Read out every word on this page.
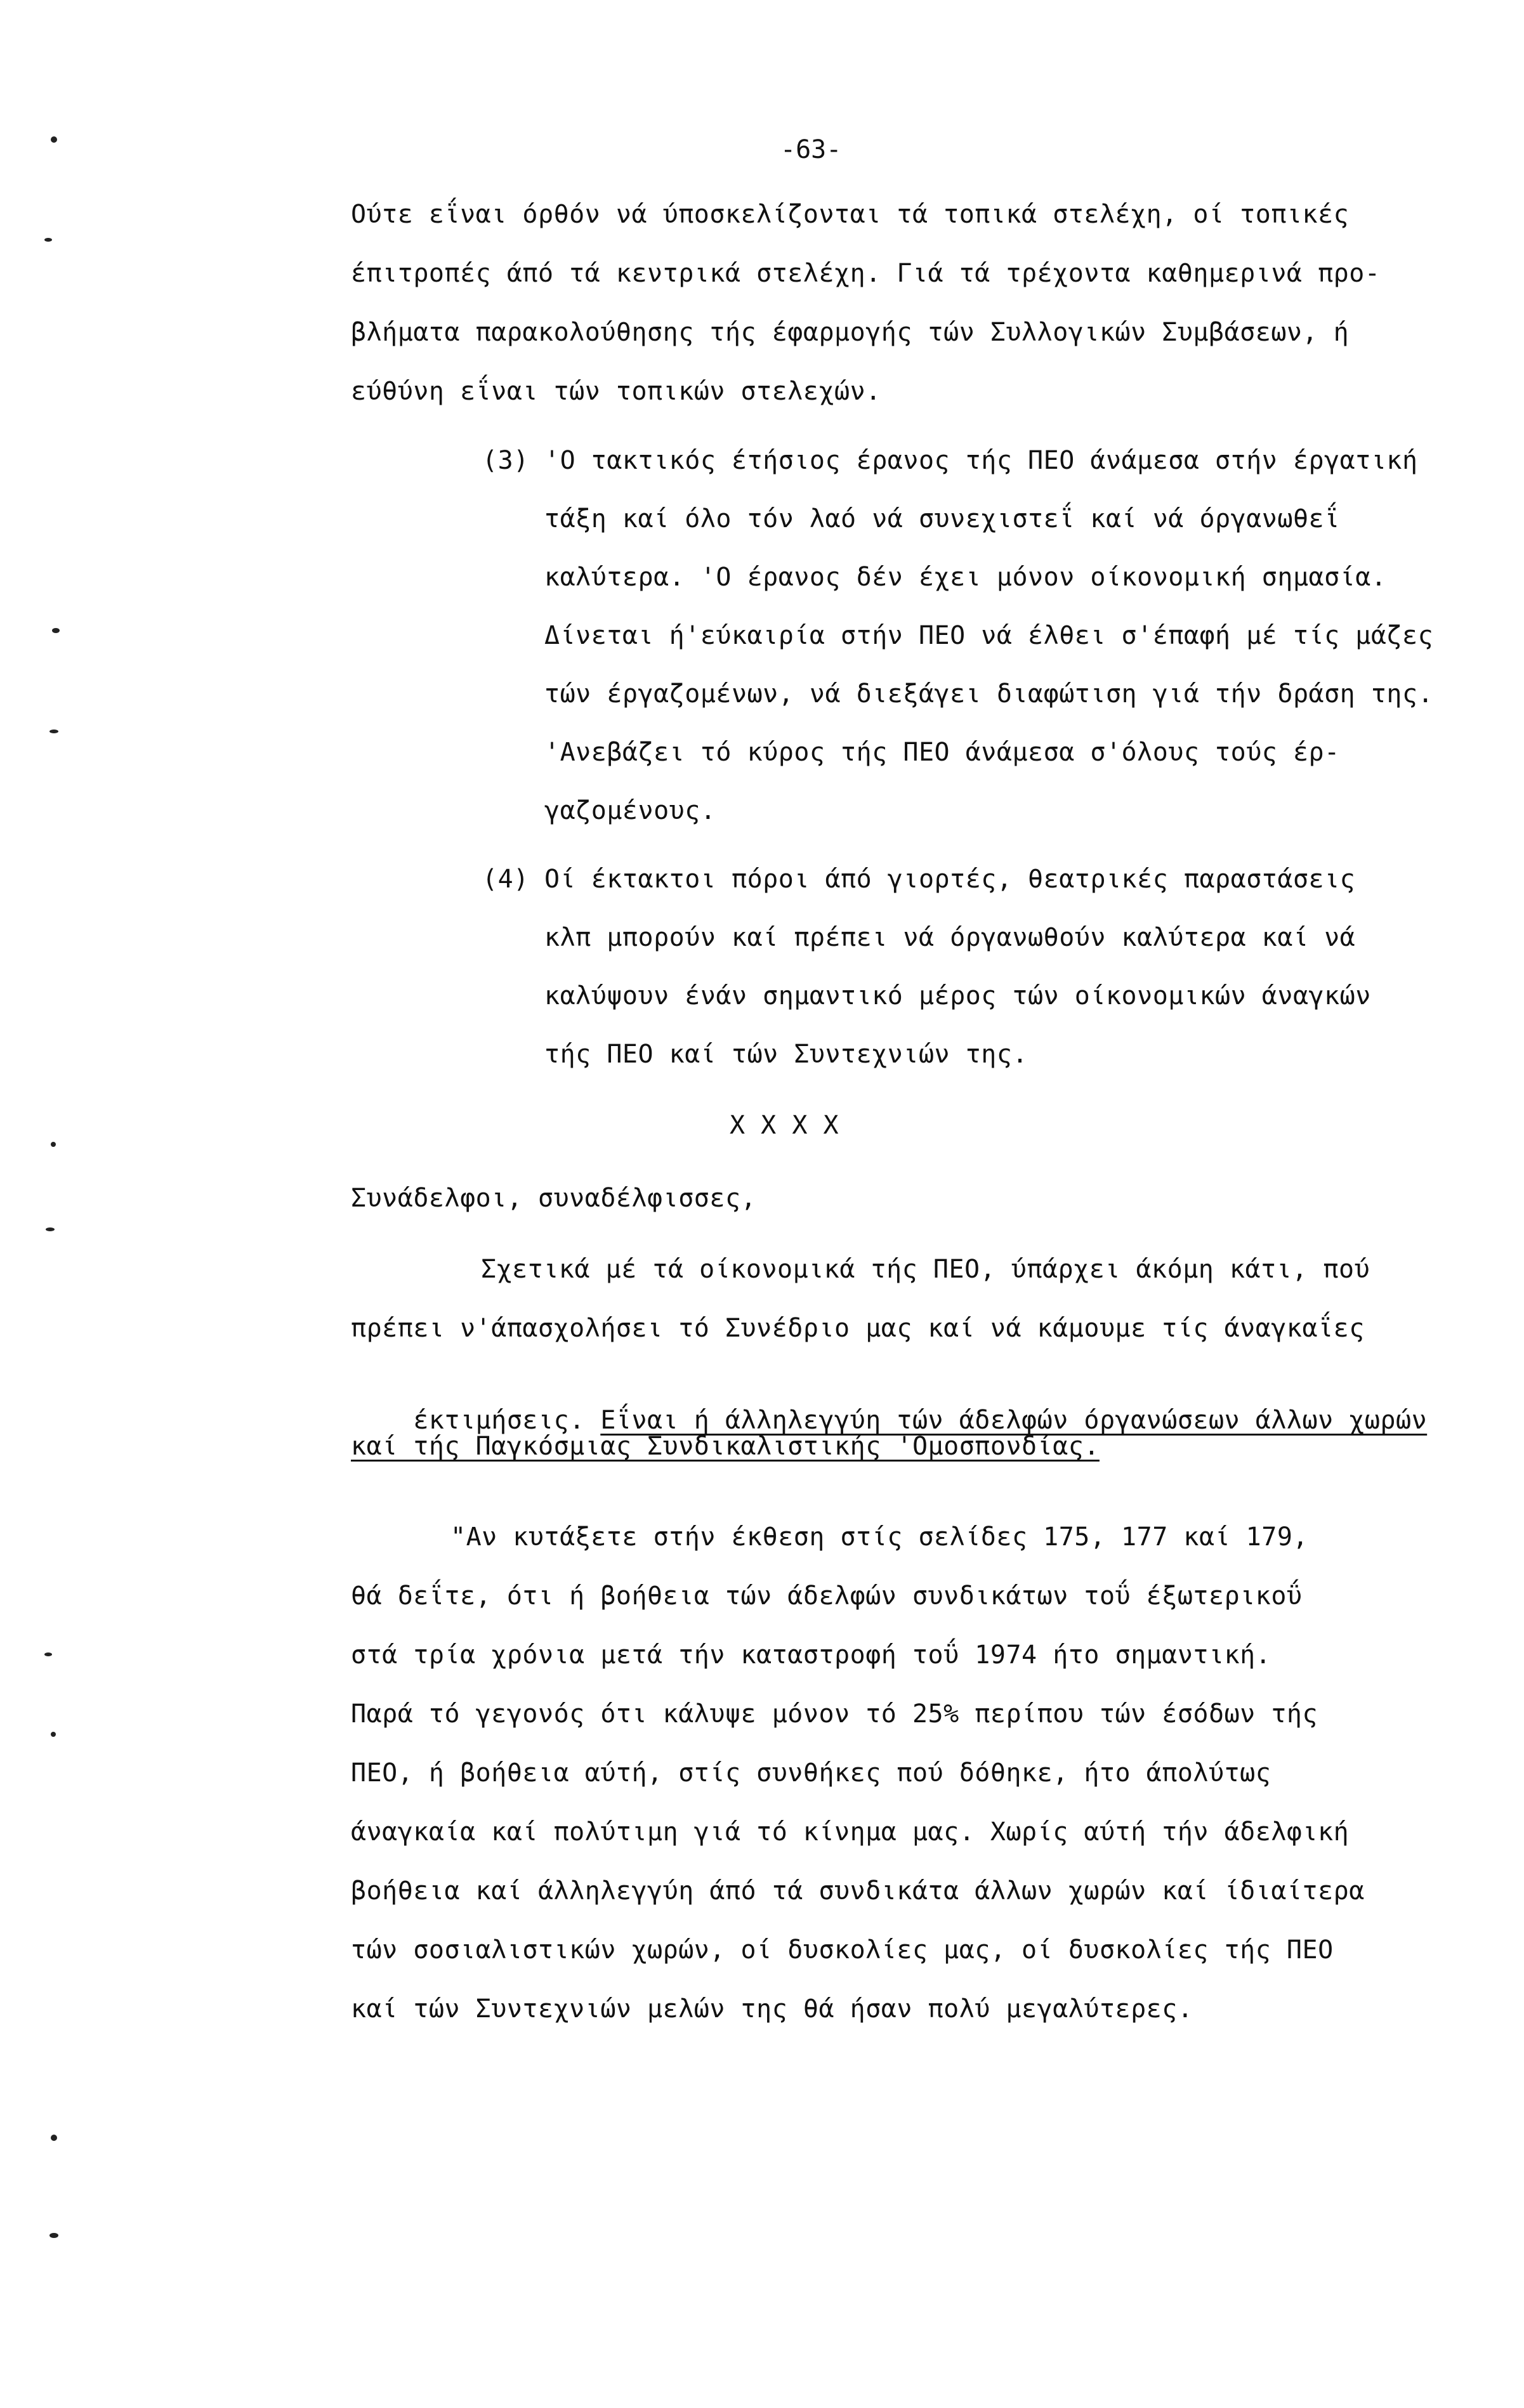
-63-
Ούτε εΐναι όρθόν νά ύποσκελίζονται τά τοπικά στελέχη, οί τοπικές
έπιτροπές άπό τά κεντρικά στελέχη. Γιά τά τρέχοντα καθημερινά προ-
βλήματα παρακολούθησης τής έφαρμογής τών Συλλογικών Συμβάσεων, ή
εύθύνη εΐναι τών τοπικών στελεχών.
(3) 'Ο τακτικός έτήσιος έρανος τής ΠΕΟ άνάμεσα στήν έργατική
τάξη καί όλο τόν λαό νά συνεχιστεΐ καί νά όργανωθεΐ
καλύτερα. 'Ο έρανος δέν έχει μόνον οίκονομική σημασία.
Δίνεται ή'εύκαιρία στήν ΠΕΟ νά έλθει σ'έπαφή μέ τίς μάζες
τών έργαζομένων, νά διεξάγει διαφώτιση γιά τήν δράση της.
'Ανεβάζει τό κύρος τής ΠΕΟ άνάμεσα σ'όλους τούς έρ-
γαζομένους.
(4) Οί έκτακτοι πόροι άπό γιορτές, θεατρικές παραστάσεις
κλπ μπορούν καί πρέπει νά όργανωθούν καλύτερα καί νά
καλύψουν ένάν σημαντικό μέρος τών οίκονομικών άναγκών
τής ΠΕΟ καί τών Συντεχνιών της.
X X X X
Συνάδελφοι, συναδέλφισσες,
Σχετικά μέ τά οίκονομικά τής ΠΕΟ, ύπάρχει άκόμη κάτι, πού
πρέπει ν'άπασχολήσει τό Συνέδριο μας καί νά κάμουμε τίς άναγκαΐες

έκτιμήσεις. Εΐναι ή άλληλεγγύη τών άδελφών όργανώσεων άλλων χωρών

καί τής Παγκόσμιας Συνδικαλιστικής 'Ομοσπονδίας.
"Αν κυτάξετε στήν έκθεση στίς σελίδες 175, 177 καί 179,
θά δεΐτε, ότι ή βοήθεια τών άδελφών συνδικάτων τοΰ έξωτερικοΰ
στά τρία χρόνια μετά τήν καταστροφή τοΰ 1974 ήτο σημαντική.
Παρά τό γεγονός ότι κάλυψε μόνον τό 25% περίπου τών έσόδων τής
ΠΕΟ, ή βοήθεια αύτή, στίς συνθήκες πού δόθηκε, ήτο άπολύτως
άναγκαία καί πολύτιμη γιά τό κίνημα μας. Χωρίς αύτή τήν άδελφική
βοήθεια καί άλληλεγγύη άπό τά συνδικάτα άλλων χωρών καί ίδιαίτερα
τών σοσιαλιστικών χωρών, οί δυσκολίες μας, οί δυσκολίες τής ΠΕΟ
καί τών Συντεχνιών μελών της θά ήσαν πολύ μεγαλύτερες.
